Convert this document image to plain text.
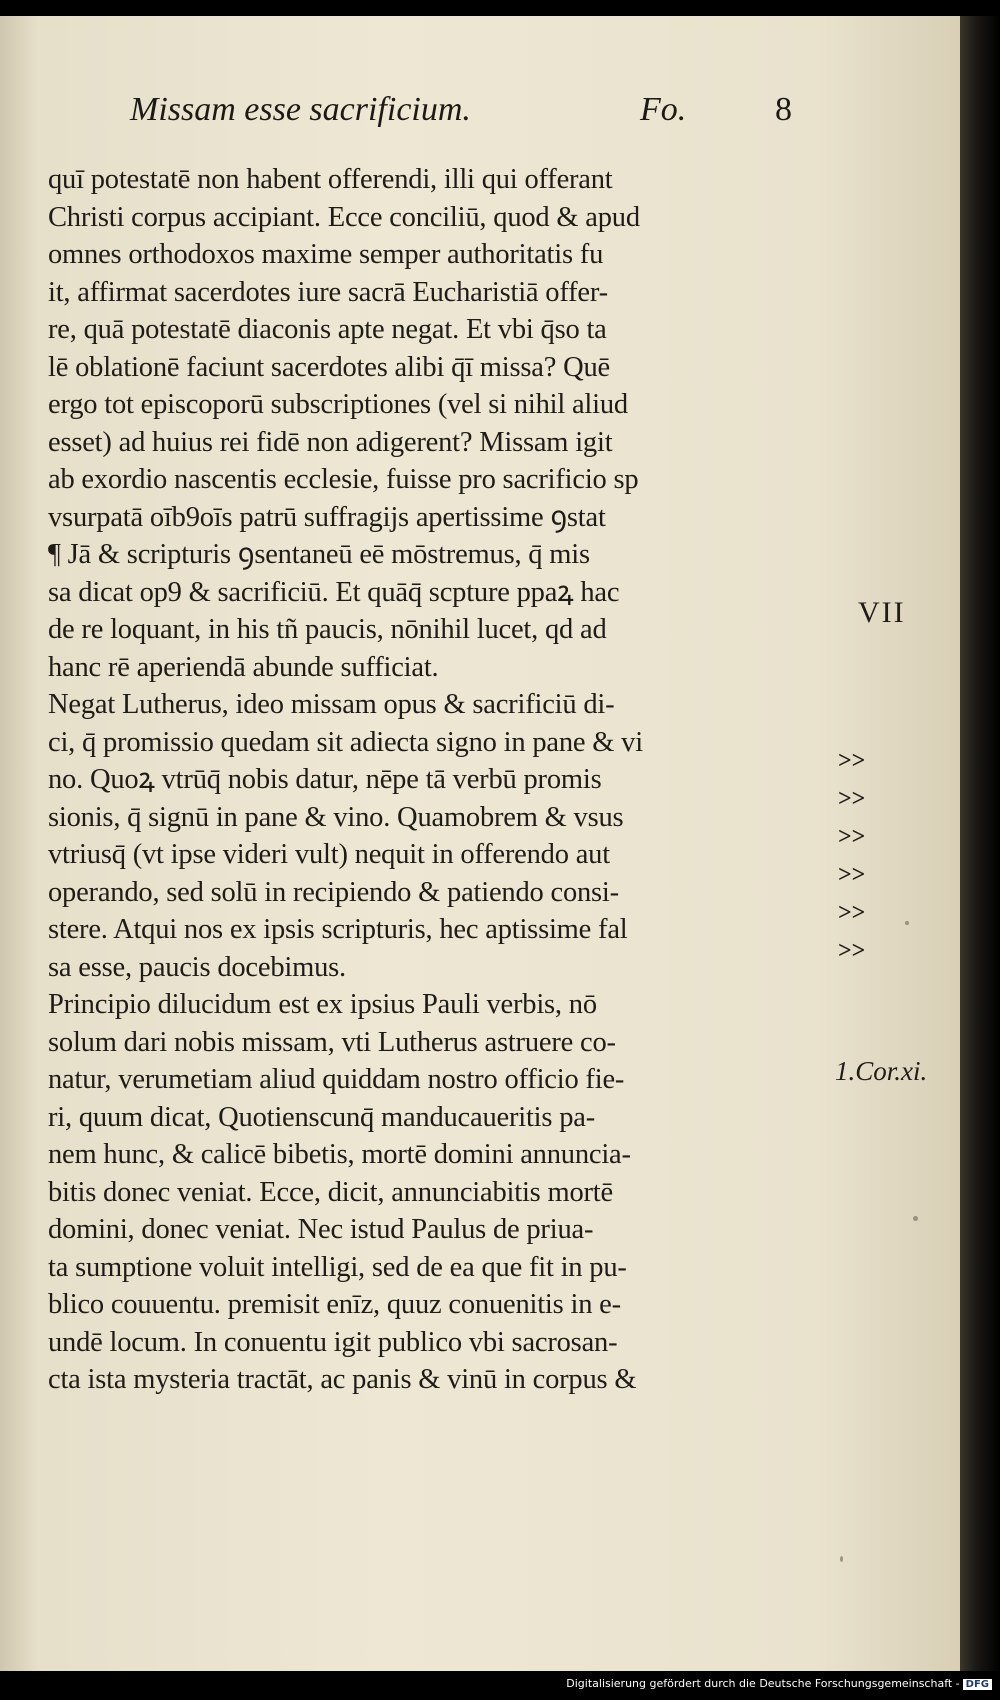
Missam esse sacrificium.	Fo.	8
quī potestatē non habent offerendi, illi qui offerant
Christi corpus accipiant. Ecce conciliū, quod & apud
omnes orthodoxos maxime semper authoritatis fu
it, affirmat sacerdotes iure sacrā Eucharistiā offer-
re, quā potestatē diaconis apte negat. Et vbi q̄so ta
lē oblationē faciunt sacerdotes alibi q̄ī missa? Quē
ergo tot episcoporū subscriptiones (vel si nihil aliud
esset) ad huius rei fidē non adigerent? Missam igit
ab exordio nascentis ecclesie, fuisse pro sacrificio sp
vsurpatā oīb9oīs patrū suffragijs apertissime ꝯstat
¶ Jā & scripturis ꝯsentaneū eē mōstremus, q̄ mis
sa dicat op9 & sacrificiū. Et quāq̄ scpture ppaꝝ hac
de re loquant, in his tñ paucis, nōnihil lucet, qd ad
hanc rē aperiendā abunde sufficiat.
Negat Lutherus, ideo missam opus & sacrificiū di-
ci, q̄ promissio quedam sit adiecta signo in pane & vi
no. Quoꝝ vtrūq̄ nobis datur, nēpe tā verbū promis
sionis, q̄ signū in pane & vino. Quamobrem & vsus
vtriusq̄ (vt ipse videri vult) nequit in offerendo aut
operando, sed solū in recipiendo & patiendo consi-
stere. Atqui nos ex ipsis scripturis, hec aptissime fal
sa esse, paucis docebimus.
Principio dilucidum est ex ipsius Pauli verbis, nō
solum dari nobis missam, vti Lutherus astruere co-
natur, verumetiam aliud quiddam nostro officio fie-
ri, quum dicat, Quotienscunq̄ manducaueritis pa-
nem hunc, & calicē bibetis, mortē domini annuncia-
bitis donec veniat. Ecce, dicit, annunciabitis mortē
domini, donec veniat. Nec istud Paulus de priua-
ta sumptione voluit intelligi, sed de ea que fit in pu-
blico couuentu. premisit enīz, quuz conuenitis in e-
undē locum. In conuentu igit publico vbi sacrosan-
cta ista mysteria tractāt, ac panis & vinū in corpus &
VII
>>
>>
>>
>>
>>
>>
1.Cor.xi.
Digitalisierung gefördert durch die Deutsche Forschungsgemeinschaft - DFG
